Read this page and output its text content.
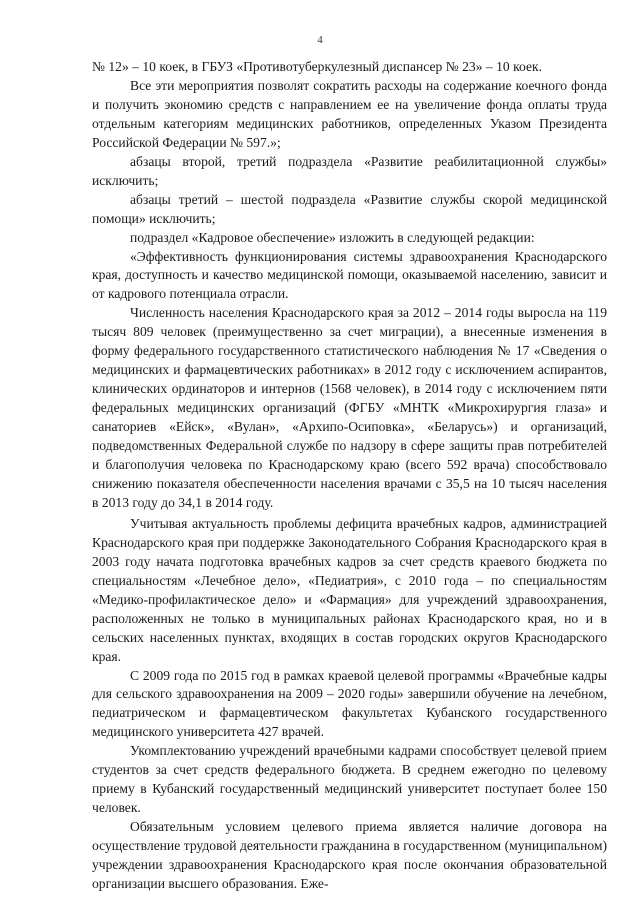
4

№ 12» – 10 коек, в ГБУЗ «Противотуберкулезный диспансер № 23» – 10 коек.

Все эти мероприятия позволят сократить расходы на содержание коечного фонда и получить экономию средств с направлением ее на увеличение фонда оплаты труда отдельным категориям медицинских работников, определенных Указом Президента Российской Федерации № 597.»;

абзацы второй, третий подраздела «Развитие реабилитационной службы» исключить;

абзацы третий – шестой подраздела «Развитие службы скорой медицинской помощи» исключить;

подраздел «Кадровое обеспечение» изложить в следующей редакции:

«Эффективность функционирования системы здравоохранения Краснодарского края, доступность и качество медицинской помощи, оказываемой населению, зависит и от кадрового потенциала отрасли.

Численность населения Краснодарского края за 2012 – 2014 годы выросла на 119 тысяч 809 человек (преимущественно за счет миграции), а внесенные изменения в форму федерального государственного статистического наблюдения № 17 «Сведения о медицинских и фармацевтических работниках» в 2012 году с исключением аспирантов, клинических ординаторов и интернов (1568 человек), в 2014 году с исключением пяти федеральных медицинских организаций (ФГБУ «МНТК «Микрохирургия глаза» и санаториев «Ейск», «Вулан», «Архипо-Осиповка», «Беларусь») и организаций, подведомственных Федеральной службе по надзору в сфере защиты прав потребителей и благополучия человека по Краснодарскому краю (всего 592 врача) способствовало снижению показателя обеспеченности населения врачами с 35,5 на 10 тысяч населения в 2013 году до 34,1 в 2014 году.

Учитывая актуальность проблемы дефицита врачебных кадров, администрацией Краснодарского края при поддержке Законодательного Собрания Краснодарского края в 2003 году начата подготовка врачебных кадров за счет средств краевого бюджета по специальностям «Лечебное дело», «Педиатрия», с 2010 года – по специальностям «Медико-профилактическое дело» и «Фармация» для учреждений здравоохранения, расположенных не только в муниципальных районах Краснодарского края, но и в сельских населенных пунктах, входящих в состав городских округов Краснодарского края.

С 2009 года по 2015 год в рамках краевой целевой программы «Врачебные кадры для сельского здравоохранения на 2009 – 2020 годы» завершили обучение на лечебном, педиатрическом и фармацевтическом факультетах Кубанского государственного медицинского университета 427 врачей.

Укомплектованию учреждений врачебными кадрами способствует целевой прием студентов за счет средств федерального бюджета. В среднем ежегодно по целевому приему в Кубанский государственный медицинский университет поступает более 150 человек.

Обязательным условием целевого приема является наличие договора на осуществление трудовой деятельности гражданина в государственном (муниципальном) учреждении здравоохранения Краснодарского края после окончания образовательной организации высшего образования. Еже-
